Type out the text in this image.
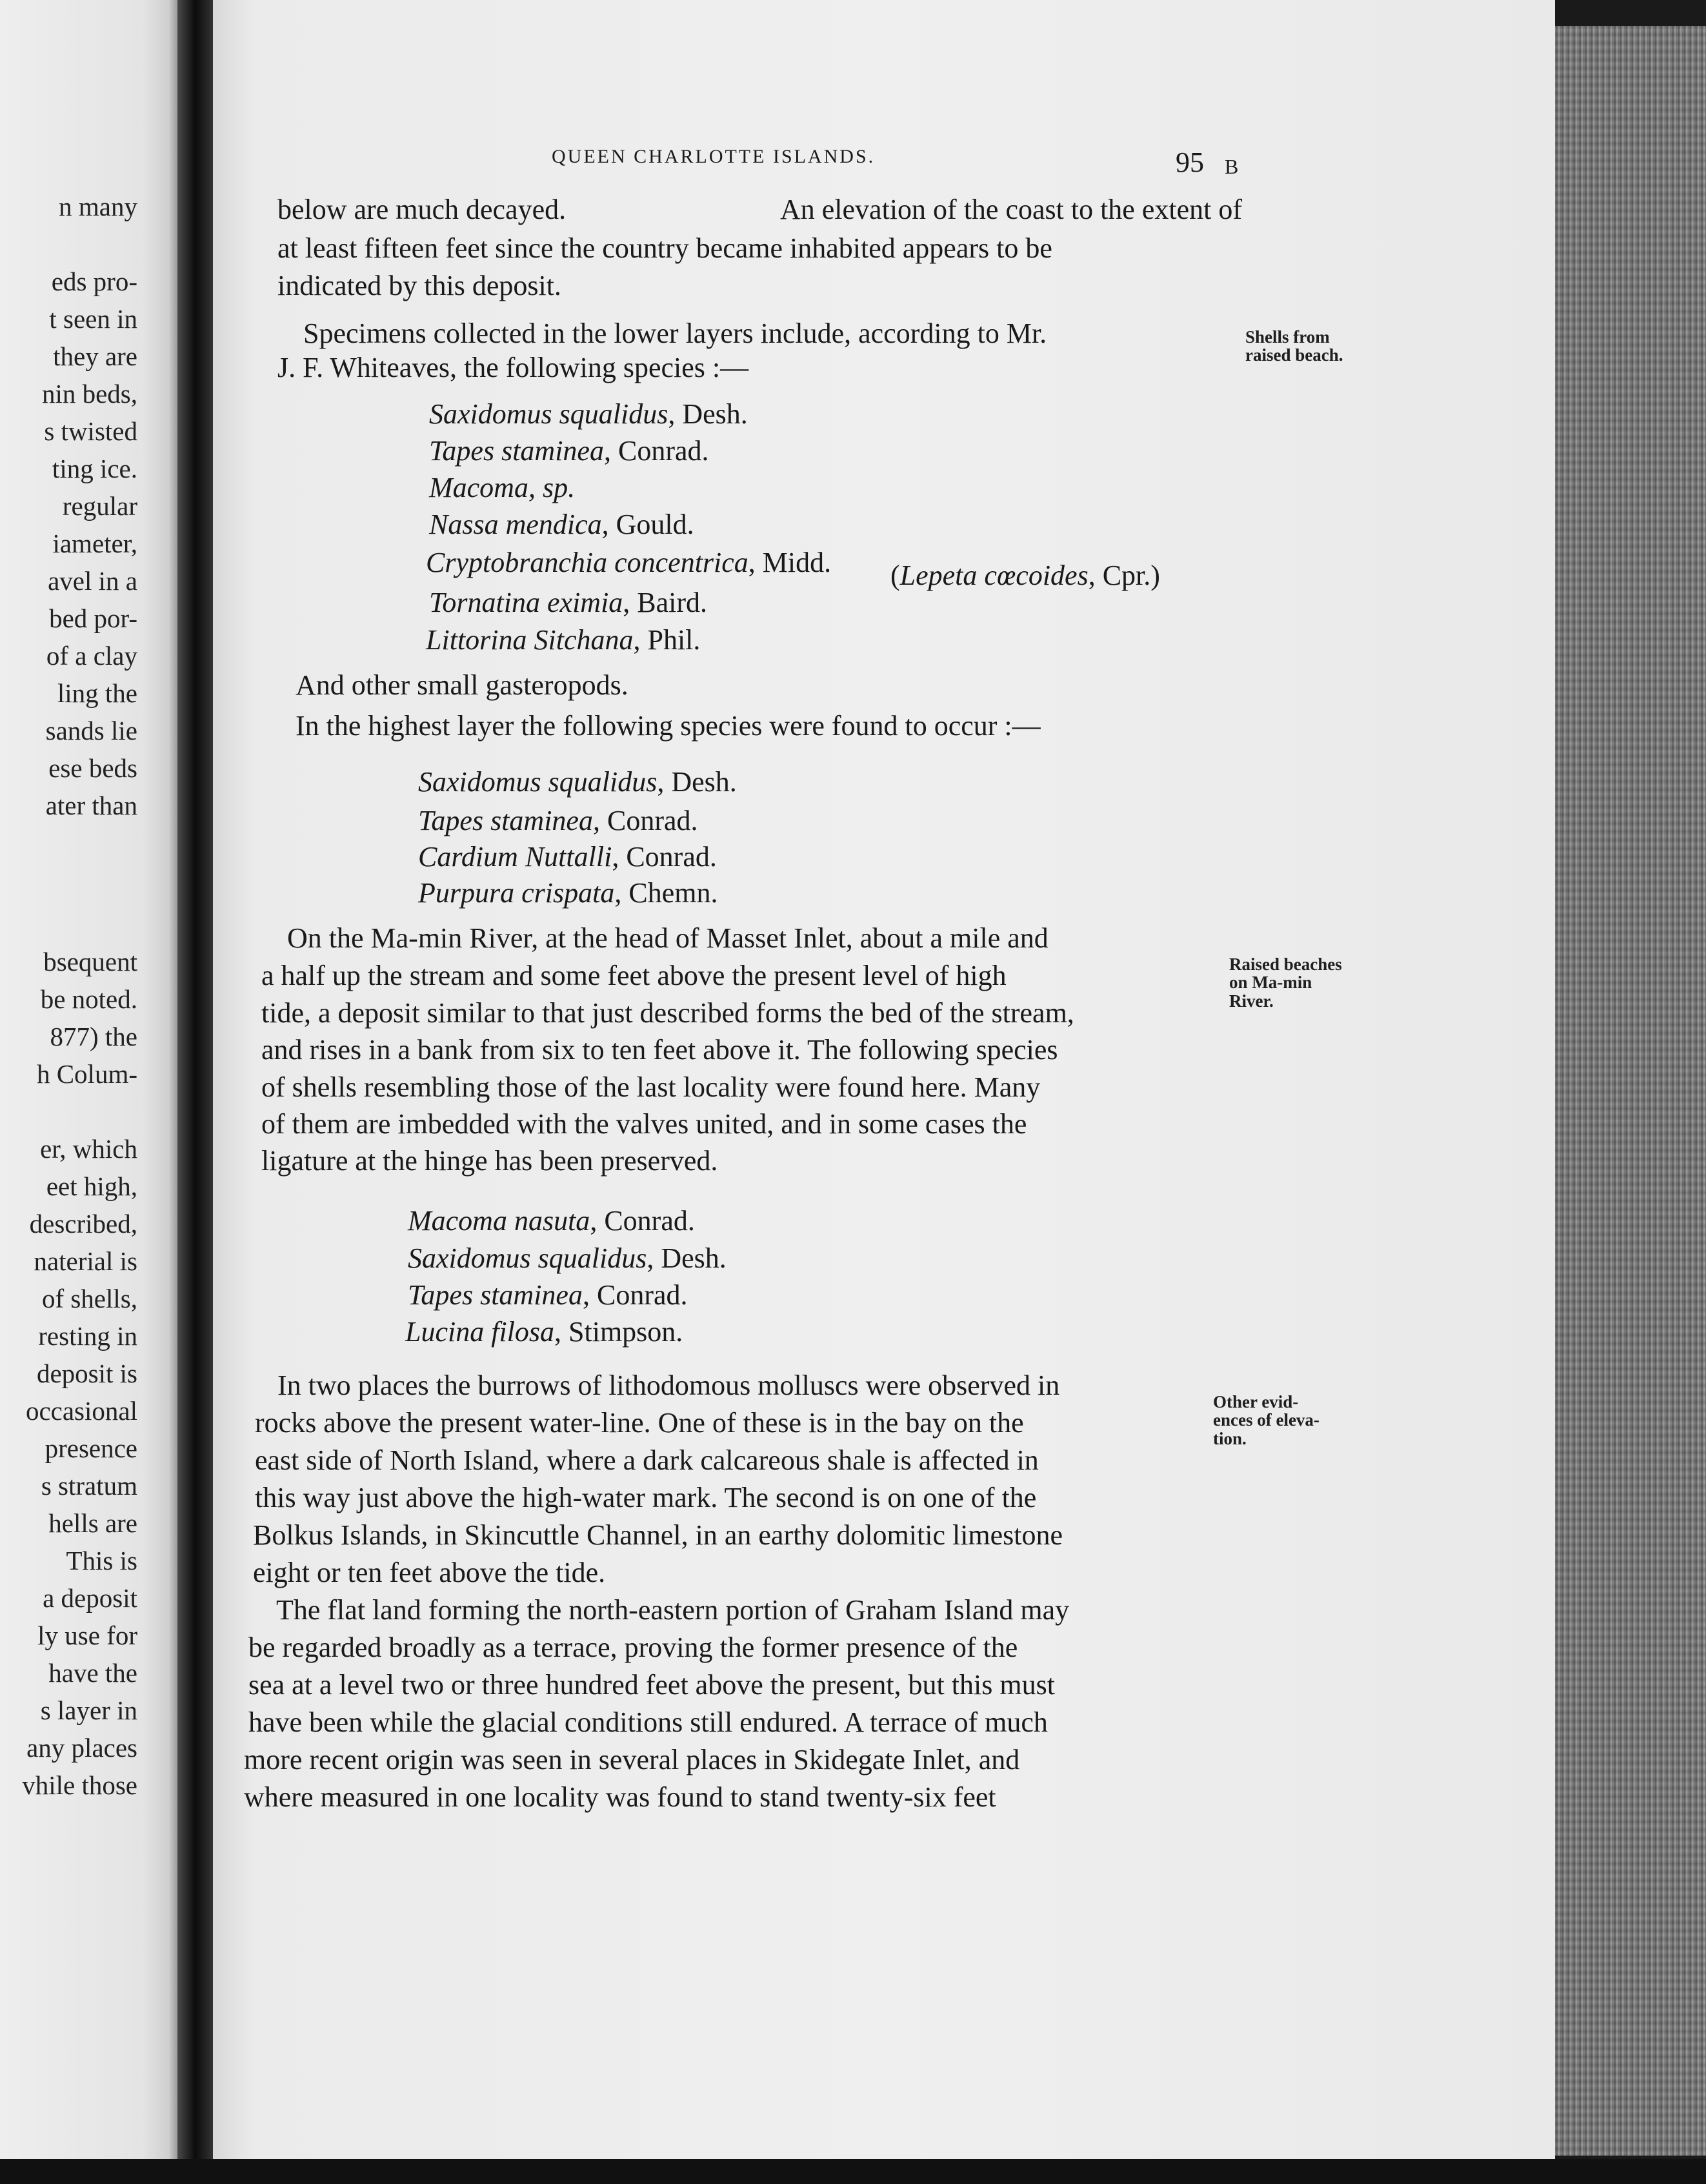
n many
eds pro-
t seen in
they are
nin beds,
s twisted
ting ice.
regular
iameter,
avel in a
bed por-
of a clay
ling the
sands lie
ese beds
ater than
bsequent
be noted.
877) the
h Colum-
er, which
eet high,
described,
naterial is
of shells,
resting in
deposit is
occasional
presence
s stratum
hells are
This is
a deposit
ly use for
have the
s layer in
any places
vhile those
QUEEN CHARLOTTE ISLANDS.	95 B
below are much decayed.	An elevation of the coast to the extent of
at least fifteen feet since the country became inhabited appears to be
indicated by this deposit.
Specimens collected in the lower layers include, according to Mr.
J. F. Whiteaves, the following species :—
Shells from
raised beach.
Saxidomus squalidus, Desh.
Tapes staminea, Conrad.
Macoma, sp.
Nassa mendica, Gould.
Cryptobranchia concentrica, Midd. (Lepeta cœcoides, Cpr.)
Tornatina eximia, Baird.
Littorina Sitchana, Phil.
And other small gasteropods.
In the highest layer the following species were found to occur :—
Saxidomus squalidus, Desh.
Tapes staminea, Conrad.
Cardium Nuttalli, Conrad.
Purpura crispata, Chemn.
On the Ma-min River, at the head of Masset Inlet, about a mile and
a half up the stream and some feet above the present level of high
tide, a deposit similar to that just described forms the bed of the stream,
and rises in a bank from six to ten feet above it. The following species
of shells resembling those of the last locality were found here. Many
of them are imbedded with the valves united, and in some cases the
ligature at the hinge has been preserved.
Raised beaches
on Ma-min
River.
Macoma nasuta, Conrad.
Saxidomus squalidus, Desh.
Tapes staminea, Conrad.
Lucina filosa, Stimpson.
In two places the burrows of lithodomous molluscs were observed in
rocks above the present water-line. One of these is in the bay on the
east side of North Island, where a dark calcareous shale is affected in
this way just above the high-water mark. The second is on one of the
Bolkus Islands, in Skincuttle Channel, in an earthy dolomitic limestone
eight or ten feet above the tide.
Other evid-
ences of eleva-
tion.
The flat land forming the north-eastern portion of Graham Island may
be regarded broadly as a terrace, proving the former presence of the
sea at a level two or three hundred feet above the present, but this must
have been while the glacial conditions still endured. A terrace of much
more recent origin was seen in several places in Skidegate Inlet, and
where measured in one locality was found to stand twenty-six feet
